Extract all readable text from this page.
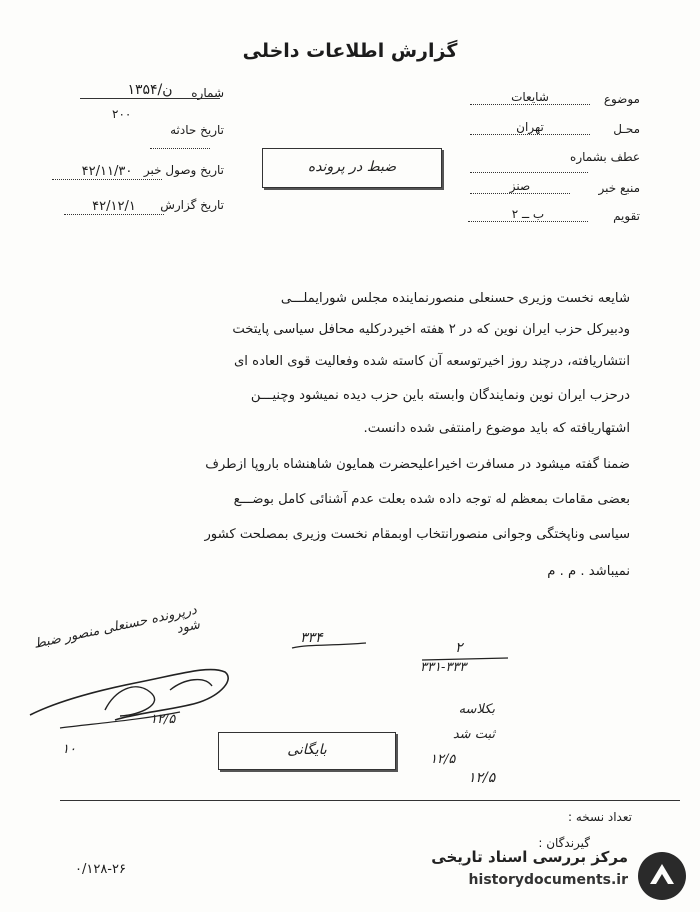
گزارش اطلاعات داخلی
شماره
۱۳۵۴/ن
۲۰۰
تاریخ حادثه
تاریخ وصول خبر
۴۲/۱۱/۳۰
تاریخ گزارش
۴۲/۱۲/۱
موضوع
شایعات
محـل
تهران
عطف بشماره
منبع خبر
صنز
تقویم
ب ــ ۲
ضبط در پرونده
شایعه نخست وزیری حسنعلی منصورنماینده مجلس شورایملـــی
ودبیرکل حزب ایران نوین که در ۲ هفته اخیردرکلیه محافل سیاسی پایتخت
انتشاریافته، درچند روز اخیرتوسعه آن کاسته شده وفعالیت قوی العاده ای
درحزب ایران نوین ونمایندگان وابسته باین حزب دیده نمیشود وچنیـــن
اشتهاریافته که باید موضوع رامنتفی شده دانست.
ضمنا گفته میشود در مسافرت اخیراعلیحضرت همایون شاهنشاه باروپا ازطرف
بعضی مقامات بمعظم له توجه داده شده بعلت عدم آشنائی کامل بوضـــع
سیاسی وناپختگی وجوانی منصورانتخاب اوبمقام نخست وزیری بمصلحت کشور
نمیباشد . م . م
درپرونده حسنعلی منصور ضبط شود
۱۲/۵
۱۰
۳۳۴
۲
۳۳۱-۳۳۳
بکلاسه
ثبت شد
۱۲/۵
بایگانی
۱۲/۵
تعداد نسخه :
گیرندگان :
۰/۱۲۸-۲۶
مرکز بررسی اسناد تاریخی
historydocuments.ir
